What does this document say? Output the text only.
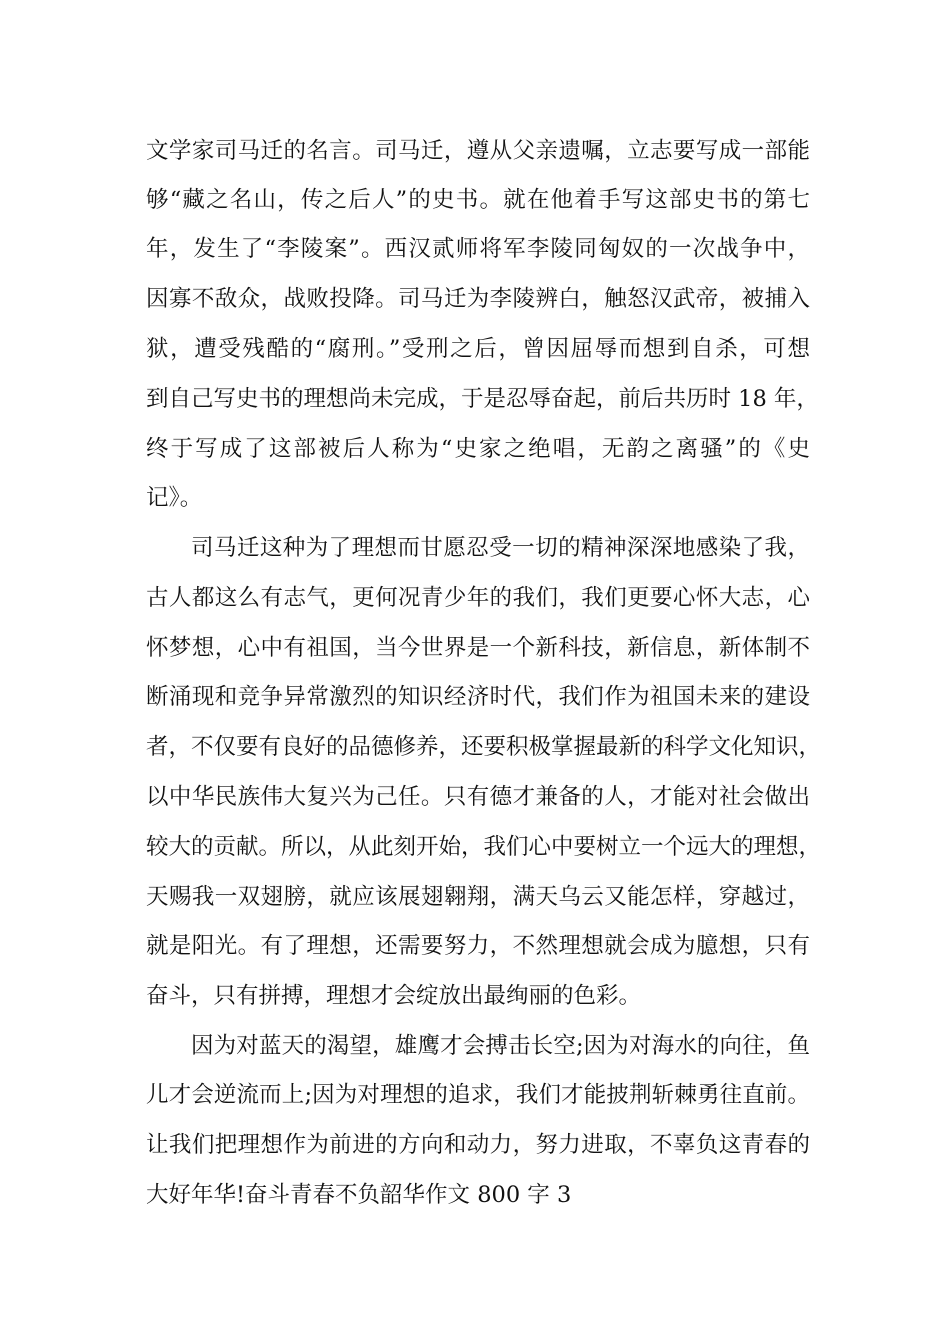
文学家司马迁的名言。司马迁，遵从父亲遗嘱，立志要写成一部能

够“藏之名山，传之后人”的史书。就在他着手写这部史书的第七

年，发生了“李陵案”。西汉贰师将军李陵同匈奴的一次战争中，

因寡不敌众，战败投降。司马迁为李陵辨白，触怒汉武帝，被捕入

狱，遭受残酷的“腐刑。”受刑之后，曾因屈辱而想到自杀，可想

到自己写史书的理想尚未完成，于是忍辱奋起，前后共历时 18 年，

终于写成了这部被后人称为“史家之绝唱，无韵之离骚”的《史

记》。

司马迁这种为了理想而甘愿忍受一切的精神深深地感染了我，

古人都这么有志气，更何况青少年的我们，我们更要心怀大志，心

怀梦想，心中有祖国，当今世界是一个新科技，新信息，新体制不

断涌现和竞争异常激烈的知识经济时代，我们作为祖国未来的建设

者，不仅要有良好的品德修养，还要积极掌握最新的科学文化知识，

以中华民族伟大复兴为己任。只有德才兼备的人，才能对社会做出

较大的贡献。所以，从此刻开始，我们心中要树立一个远大的理想，

天赐我一双翅膀，就应该展翅翱翔，满天乌云又能怎样，穿越过，

就是阳光。有了理想，还需要努力，不然理想就会成为臆想，只有

奋斗，只有拼搏，理想才会绽放出最绚丽的色彩。

因为对蓝天的渴望，雄鹰才会搏击长空;因为对海水的向往，鱼

儿才会逆流而上;因为对理想的追求，我们才能披荆斩棘勇往直前。

让我们把理想作为前进的方向和动力，努力进取，不辜负这青春的

大好年华!奋斗青春不负韶华作文 800 字 3
